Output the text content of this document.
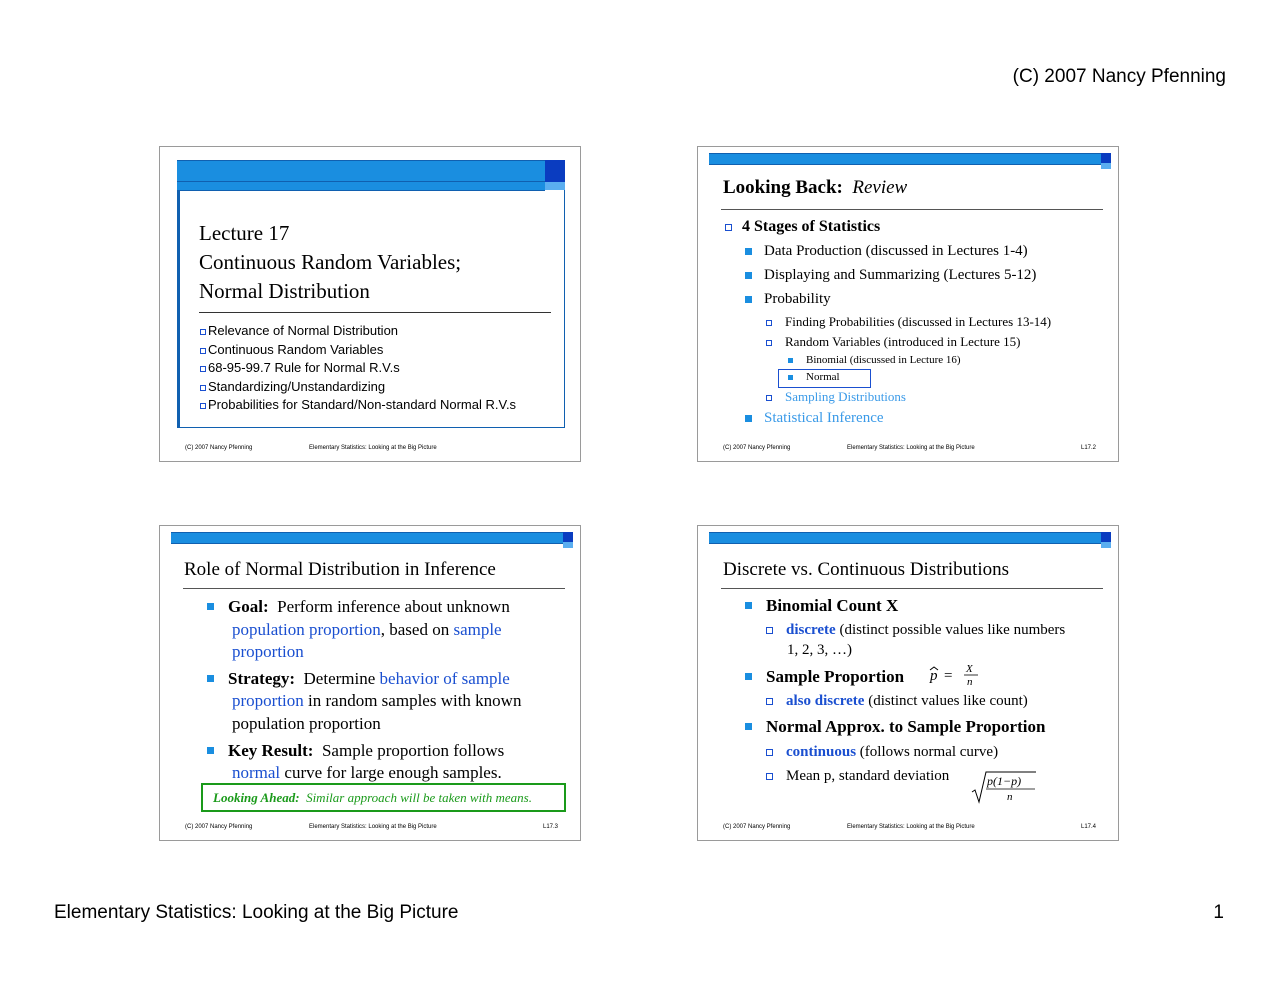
(C) 2007 Nancy Pfenning
Lecture 17
Continuous Random Variables;
Normal Distribution
Relevance of Normal Distribution
Continuous Random Variables
68-95-99.7 Rule for Normal R.V.s
Standardizing/Unstandardizing
Probabilities for Standard/Non-standard Normal R.V.s
(C) 2007 Nancy Pfenning	Elementary Statistics: Looking at the Big Picture
Looking Back: Review
4 Stages of Statistics
Data Production (discussed in Lectures 1-4)
Displaying and Summarizing (Lectures 5-12)
Probability
Finding Probabilities (discussed in Lectures 13-14)
Random Variables (introduced in Lecture 15)
Binomial (discussed in Lecture 16)
Normal
Sampling Distributions
Statistical Inference
(C) 2007 Nancy Pfenning	Elementary Statistics: Looking at the Big Picture	L17.2
Role of Normal Distribution in Inference
Goal: Perform inference about unknown
population proportion, based on sample
proportion
Strategy: Determine behavior of sample
proportion in random samples with known
population proportion
Key Result: Sample proportion follows
normal curve for large enough samples.
Looking Ahead: Similar approach will be taken with means.
(C) 2007 Nancy Pfenning	Elementary Statistics: Looking at the Big Picture	L17.3
Discrete vs. Continuous Distributions
Binomial Count X
discrete (distinct possible values like numbers
1, 2, 3, …)
Sample Proportion p = X
n
also discrete (distinct values like count)
Normal Approx. to Sample Proportion
continuous (follows normal curve)
Mean p, standard deviation	p(1−p)
n
(C) 2007 Nancy Pfenning	Elementary Statistics: Looking at the Big Picture	L17.4
Elementary Statistics: Looking at the Big Picture	1
